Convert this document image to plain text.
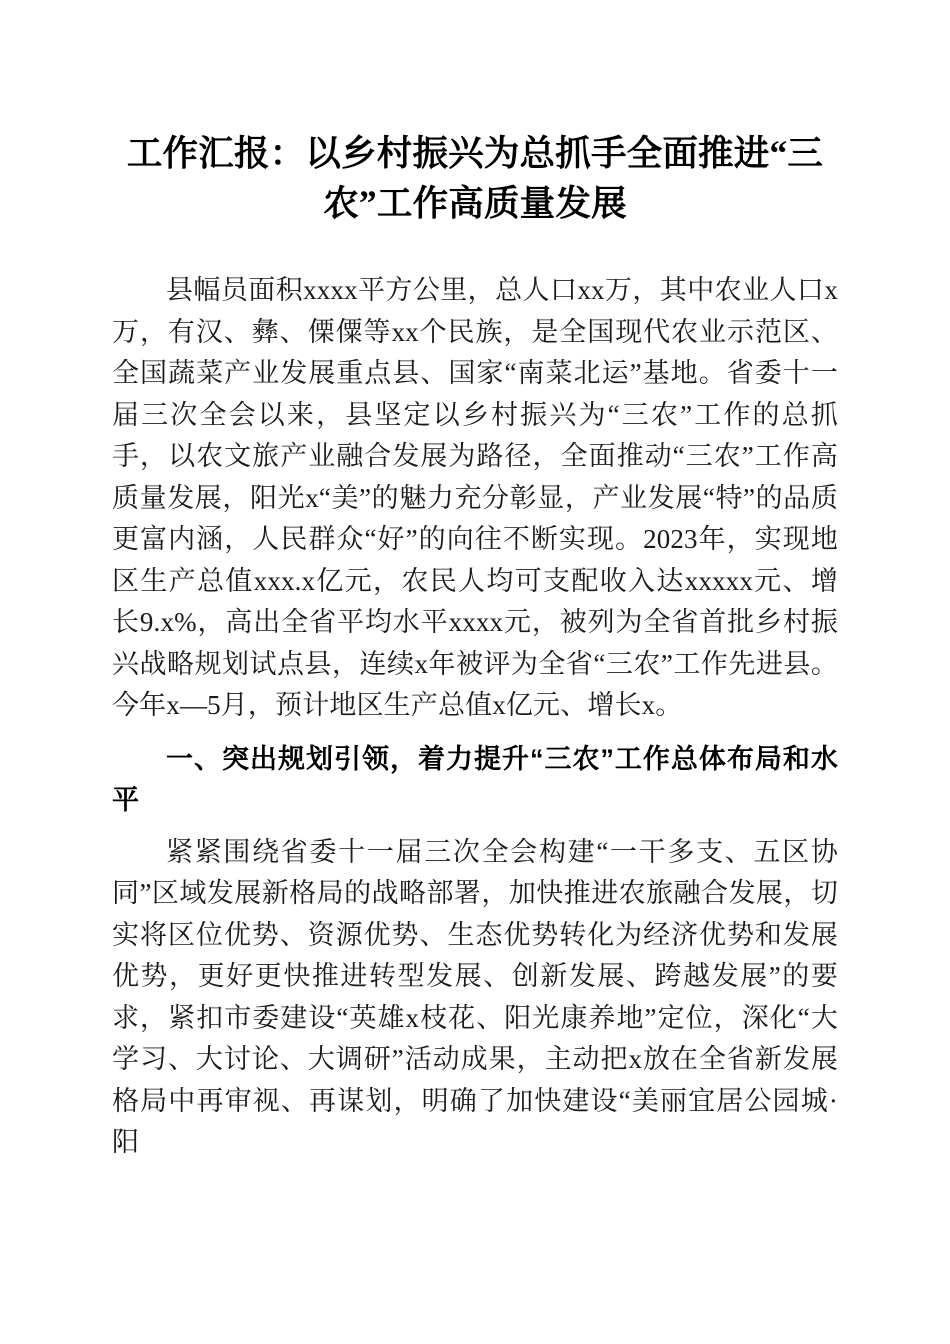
工作汇报：以乡村振兴为总抓手全面推进“三农”工作高质量发展

县幅员面积xxxx平方公里，总人口xx万，其中农业人口x万，有汉、彝、傈僳等xx个民族，是全国现代农业示范区、全国蔬菜产业发展重点县、国家“南菜北运”基地。省委十一届三次全会以来，县坚定以乡村振兴为“三农”工作的总抓手，以农文旅产业融合发展为路径，全面推动“三农”工作高质量发展，阳光x“美”的魅力充分彰显，产业发展“特”的品质更富内涵，人民群众“好”的向往不断实现。2023年，实现地区生产总值xxx.x亿元，农民人均可支配收入达xxxxx元、增长9.x%，高出全省平均水平xxxx元，被列为全省首批乡村振兴战略规划试点县，连续x年被评为全省“三农”工作先进县。今年x—5月，预计地区生产总值x亿元、增长x。

一、突出规划引领，着力提升“三农”工作总体布局和水平

紧紧围绕省委十一届三次全会构建“一干多支、五区协同”区域发展新格局的战略部署，加快推进农旅融合发展，切实将区位优势、资源优势、生态优势转化为经济优势和发展优势，更好更快推进转型发展、创新发展、跨越发展”的要求，紧扣市委建设“英雄x枝花、阳光康养地”定位，深化“大学习、大讨论、大调研”活动成果，主动把x放在全省新发展格局中再审视、再谋划，明确了加快建设“美丽宜居公园城·阳
